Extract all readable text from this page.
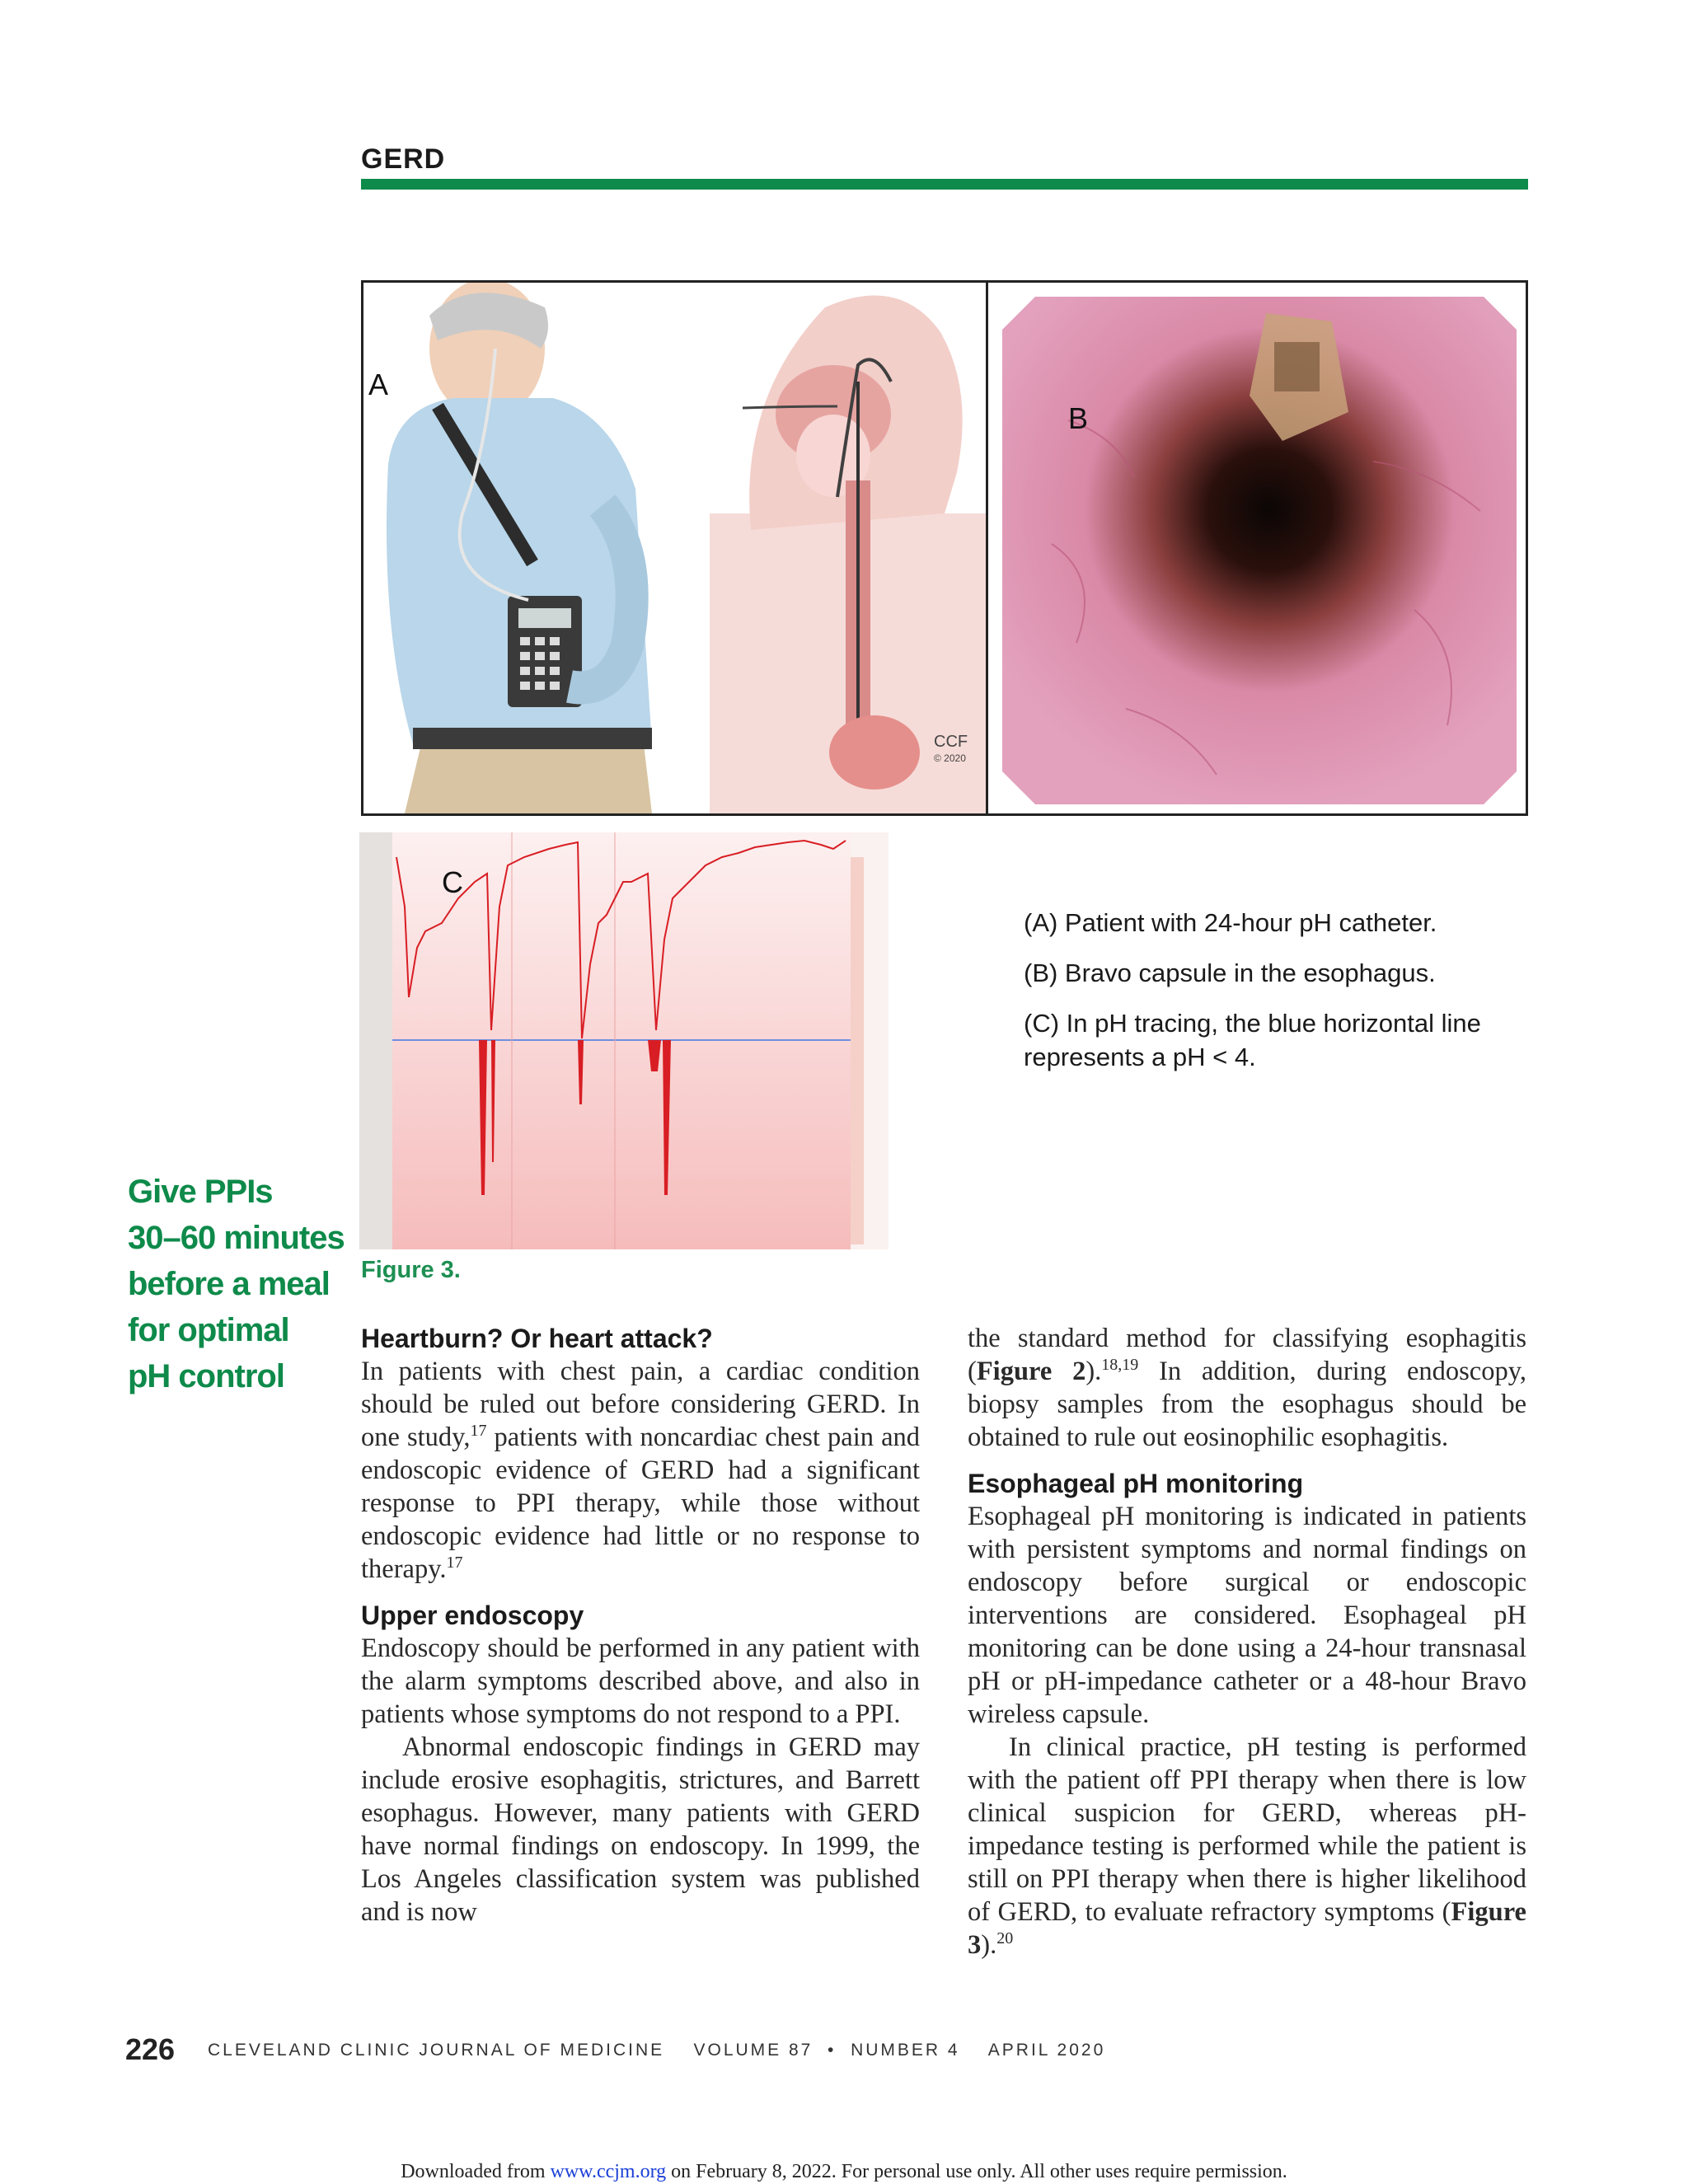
GERD
A
CCF
© 2020
B
C
(A) Patient with 24-hour pH catheter.
(B) Bravo capsule in the esophagus.
(C) In pH tracing, the blue horizontal line represents a pH < 4.
Figure 3.
Give PPIs
30–60 minutes
before a meal
for optimal
pH control
Heartburn? Or heart attack?

In patients with chest pain, a cardiac condition should be ruled out before considering GERD. In one study,$^{17}$ patients with noncardiac chest pain and endoscopic evidence of GERD had a significant response to PPI therapy, while those without endoscopic evidence had little or no response to therapy.$^{17}$

Upper endoscopy

Endoscopy should be performed in any patient with the alarm symptoms described above, and also in patients whose symptoms do not respond to a PPI.

Abnormal endoscopic findings in GERD may include erosive esophagitis, strictures, and Barrett esophagus. However, many patients with GERD have normal findings on endoscopy. In 1999, the Los Angeles classification system was published and is now

the standard method for classifying esophagitis (Figure 2).$^{18,19}$ In addition, during endoscopy, biopsy samples from the esophagus should be obtained to rule out eosinophilic esophagitis.

Esophageal pH monitoring

Esophageal pH monitoring is indicated in patients with persistent symptoms and normal findings on endoscopy before surgical or endoscopic interventions are considered. Esophageal pH monitoring can be done using a 24-hour transnasal pH or pH-impedance catheter or a 48-hour Bravo wireless capsule.

In clinical practice, pH testing is performed with the patient off PPI therapy when there is low clinical suspicion for GERD, whereas pH-impedance testing is performed while the patient is still on PPI therapy when there is higher likelihood of GERD, to evaluate refractory symptoms (Figure 3).$^{20}$

226 CLEVELAND CLINIC JOURNAL OF MEDICINE VOLUME 87 • NUMBER 4 APRIL 2020
Downloaded from www.ccjm.org on February 8, 2022. For personal use only. All other uses require permission.
